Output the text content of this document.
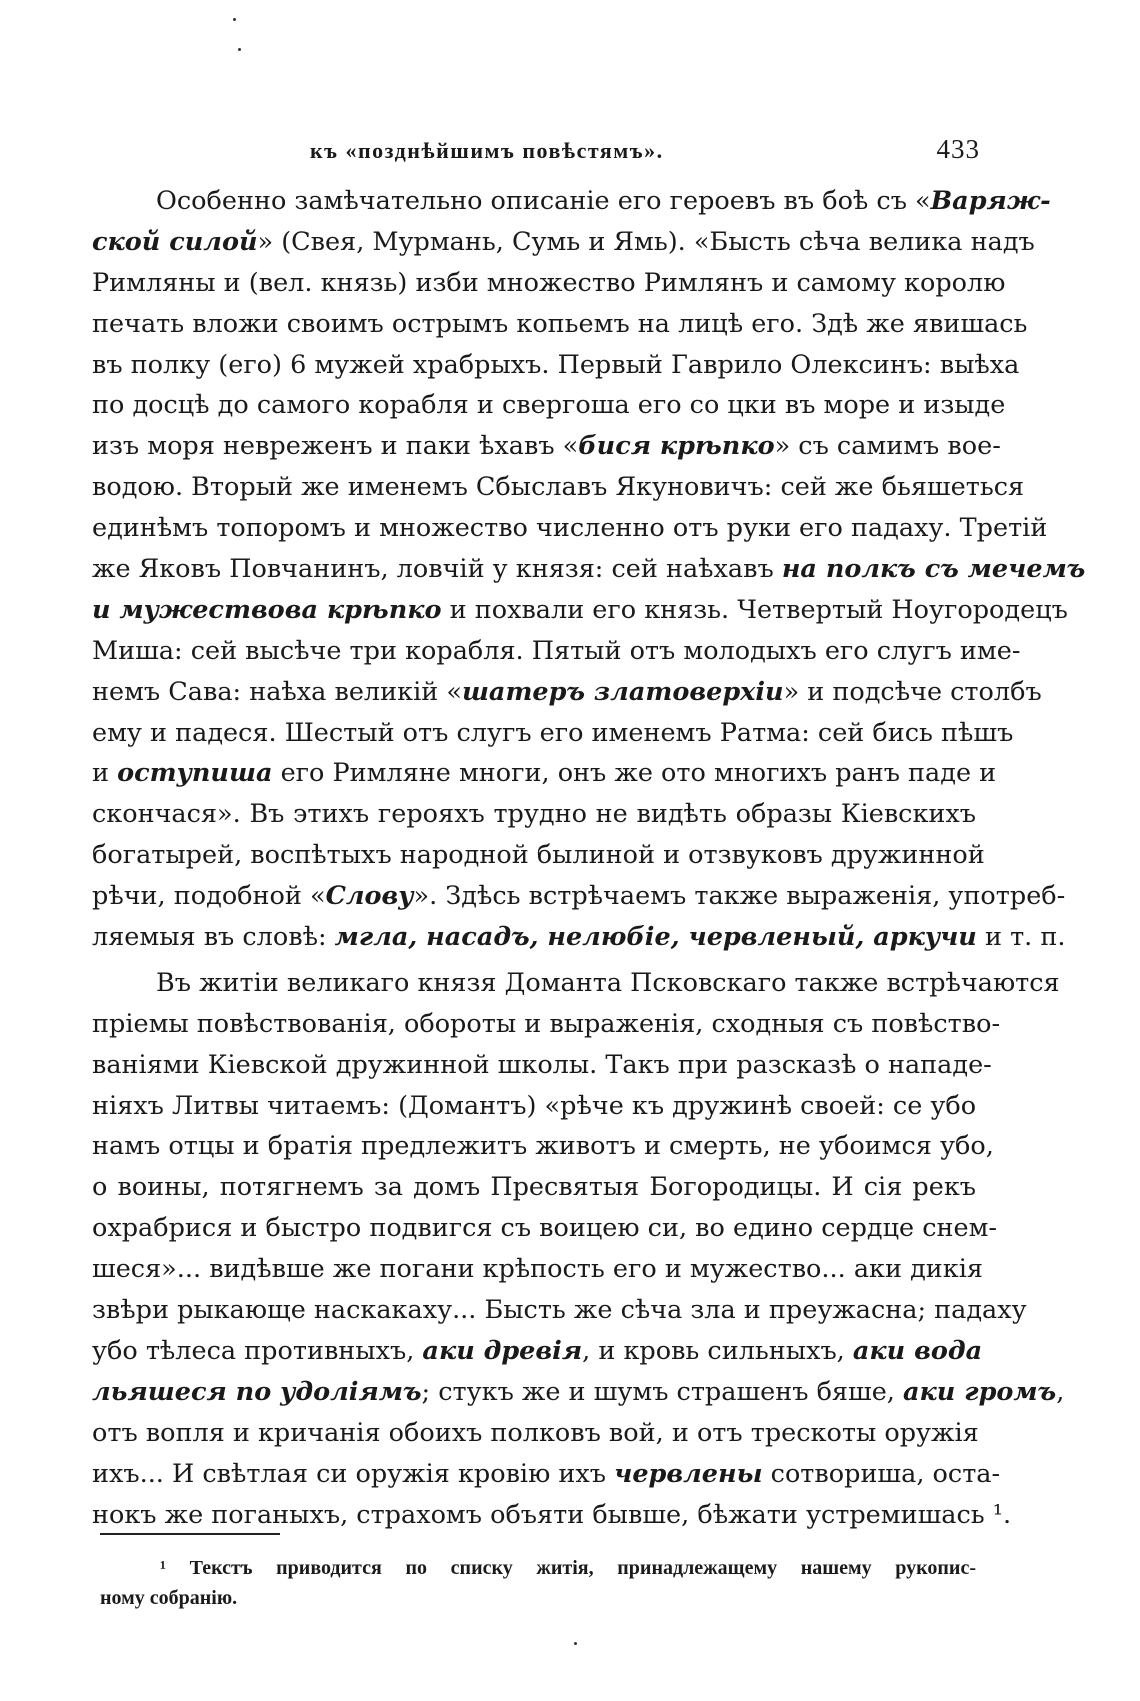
къ «позднѣйшимъ повѣстямъ».	433
Особенно замѣчательно описаніе его героевъ въ боѣ съ «Варяж-
ской силой» (Свея, Мурмань, Сумь и Ямь). «Бысть сѣча велика надъ
Римляны и (вел. князь) изби множество Римлянъ и самому королю
печать вложи своимъ острымъ копьемъ на лицѣ его. Здѣ же явишась
въ полку (его) 6 мужей храбрыхъ. Первый Гаврило Олексинъ: выѣха
по досцѣ до самого корабля и свергоша его со цки въ море и изыде
изъ моря невреженъ и паки ѣхавъ «бися крѣпко» съ самимъ вое-
водою. Вторый же именемъ Сбыславъ Якуновичъ: сей же бьяшеться
единѣмъ топоромъ и множество численно отъ руки его падаху. Третій
же Яковъ Повчанинъ, ловчій у князя: сей наѣхавъ на полкъ съ мечемъ
и мужествова крѣпко и похвали его князь. Четвертый Ноугородецъ
Миша: сей высѣче три корабля. Пятый отъ молодыхъ его слугъ име-
немъ Сава: наѣха великій «шатеръ златоверхіи» и подсѣче столбъ
ему и падеся. Шестый отъ слугъ его именемъ Ратма: сей бись пѣшъ
и оступиша его Римляне многи, онъ же ото многихъ ранъ паде и
скончася». Въ этихъ герояхъ трудно не видѣть образы Кіевскихъ
богатырей, воспѣтыхъ народной былиной и отзвуковъ дружинной
рѣчи, подобной «Слову». Здѣсь встрѣчаемъ также выраженія, употреб-
ляемыя въ словѣ: мгла, насадъ, нелюбіе, червленый, аркучи и т. п.
Въ житіи великаго князя Доманта Псковскаго также встрѣчаются
пріемы повѣствованія, обороты и выраженія, сходныя съ повѣство-
ваніями Кіевской дружинной школы. Такъ при разсказѣ о нападе-
ніяхъ Литвы читаемъ: (Домантъ) «рѣче къ дружинѣ своей: се убо
намъ отцы и братія предлежитъ животъ и смерть, не убоимся убо,
о воины, потягнемъ за домъ Пресвятыя Богородицы. И сія рекъ
охрабрися и быстро подвигся съ воицею си, во едино сердце снем-
шеся»... видѣвше же погани крѣпость его и мужество... аки дикія
звѣри рыкающе наскакаху... Бысть же сѣча зла и преужасна; падаху
убо тѣлеса противныхъ, аки древія, и кровь сильныхъ, аки вода
льяшеся по удоліямъ; стукъ же и шумъ страшенъ бяше, аки громъ,
отъ вопля и кричанія обоихъ полковъ вой, и отъ трескоты оружія
ихъ... И свѣтлая си оружія кровію ихъ червлены сотвориша, оста-
нокъ же поганыхъ, страхомъ объяти бывше, бѣжати устремишась ¹.
¹ Текстъ приводится по списку житія, принадлежащему нашему рукопис-
ному собранію.
